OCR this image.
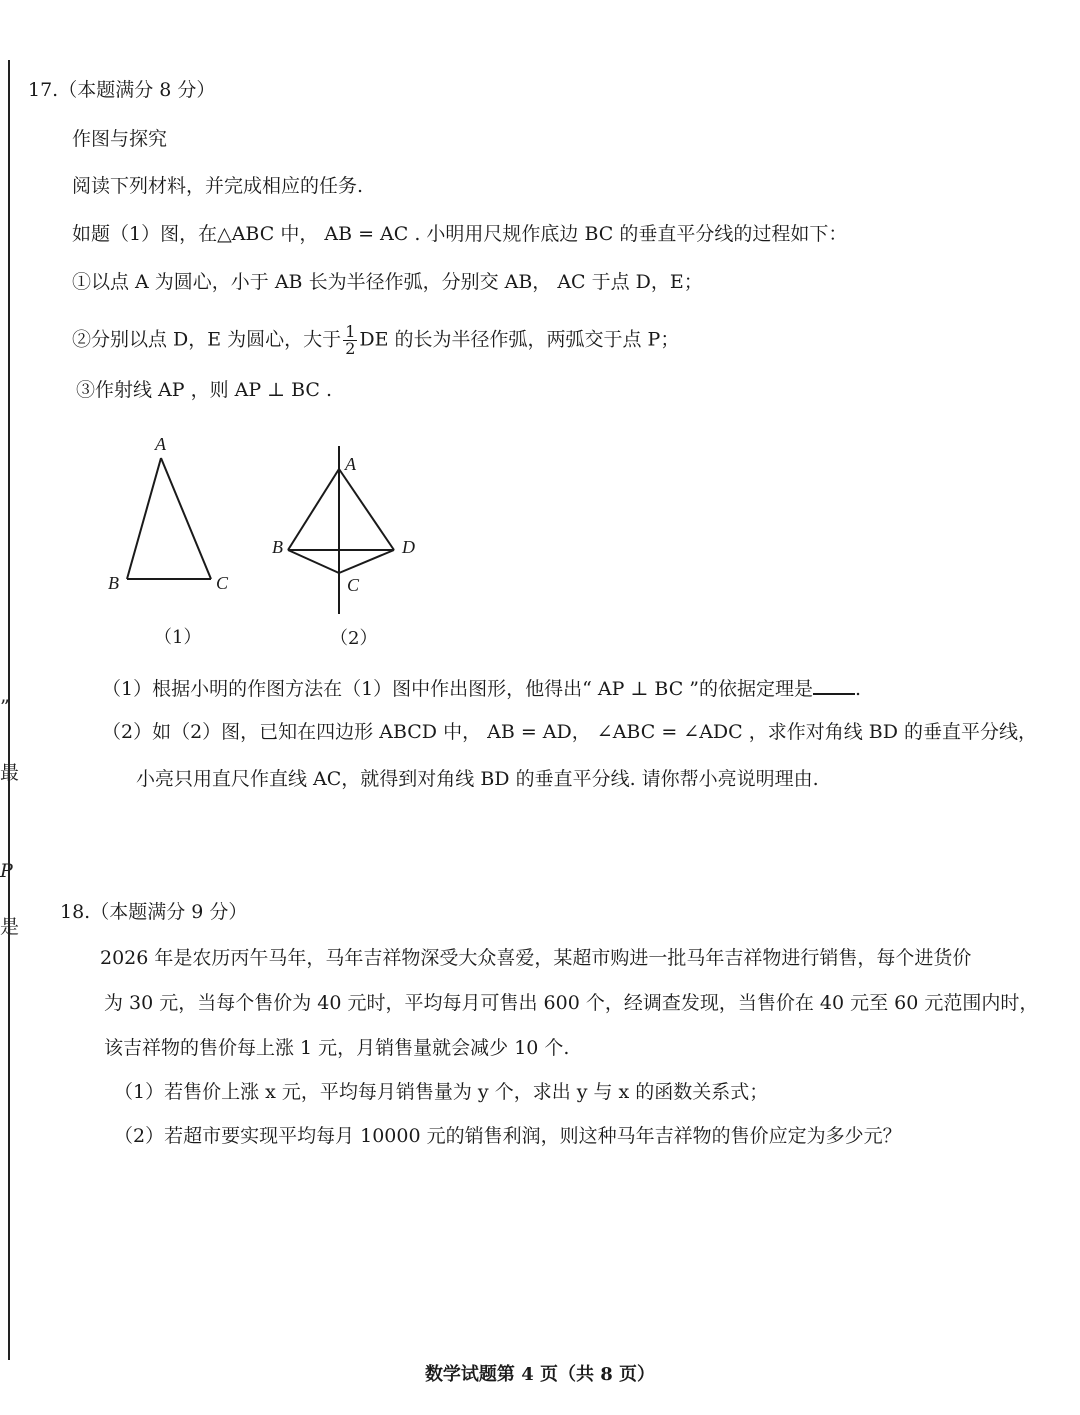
”
最
P
是
17.（本题满分 8 分）
作图与探究
阅读下列材料，并完成相应的任务.
如题（1）图，在△ABC 中， AB = AC . 小明用尺规作底边 BC 的垂直平分线的过程如下：
①以点 A 为圆心，小于 AB 长为半径作弧，分别交 AB， AC 于点 D，E；
②分别以点 D，E 为圆心，大于 $\frac{1}{2}$ DE 的长为半径作弧，两弧交于点 P；
③作射线 AP ，则 AP ⊥ BC .
A
B	C
（1）
A
B
C
D
（2）
（1）根据小明的作图方法在（1）图中作出图形，他得出“ AP ⊥ BC ”的依据定理是 .
（2）如（2）图，已知在四边形 ABCD 中， AB = AD， ∠ABC = ∠ADC ，求作对角线 BD 的垂直平分线，
小亮只用直尺作直线 AC，就得到对角线 BD 的垂直平分线. 请你帮小亮说明理由.
18.（本题满分 9 分）
2026 年是农历丙午马年，马年吉祥物深受大众喜爱，某超市购进一批马年吉祥物进行销售，每个进货价
为 30 元，当每个售价为 40 元时，平均每月可售出 600 个，经调查发现，当售价在 40 元至 60 元范围内时，
该吉祥物的售价每上涨 1 元，月销售量就会减少 10 个.
（1）若售价上涨 x 元，平均每月销售量为 y 个，求出 y 与 x 的函数关系式；
（2）若超市要实现平均每月 10000 元的销售利润，则这种马年吉祥物的售价应定为多少元？
数学试题第 4 页（共 8 页）
